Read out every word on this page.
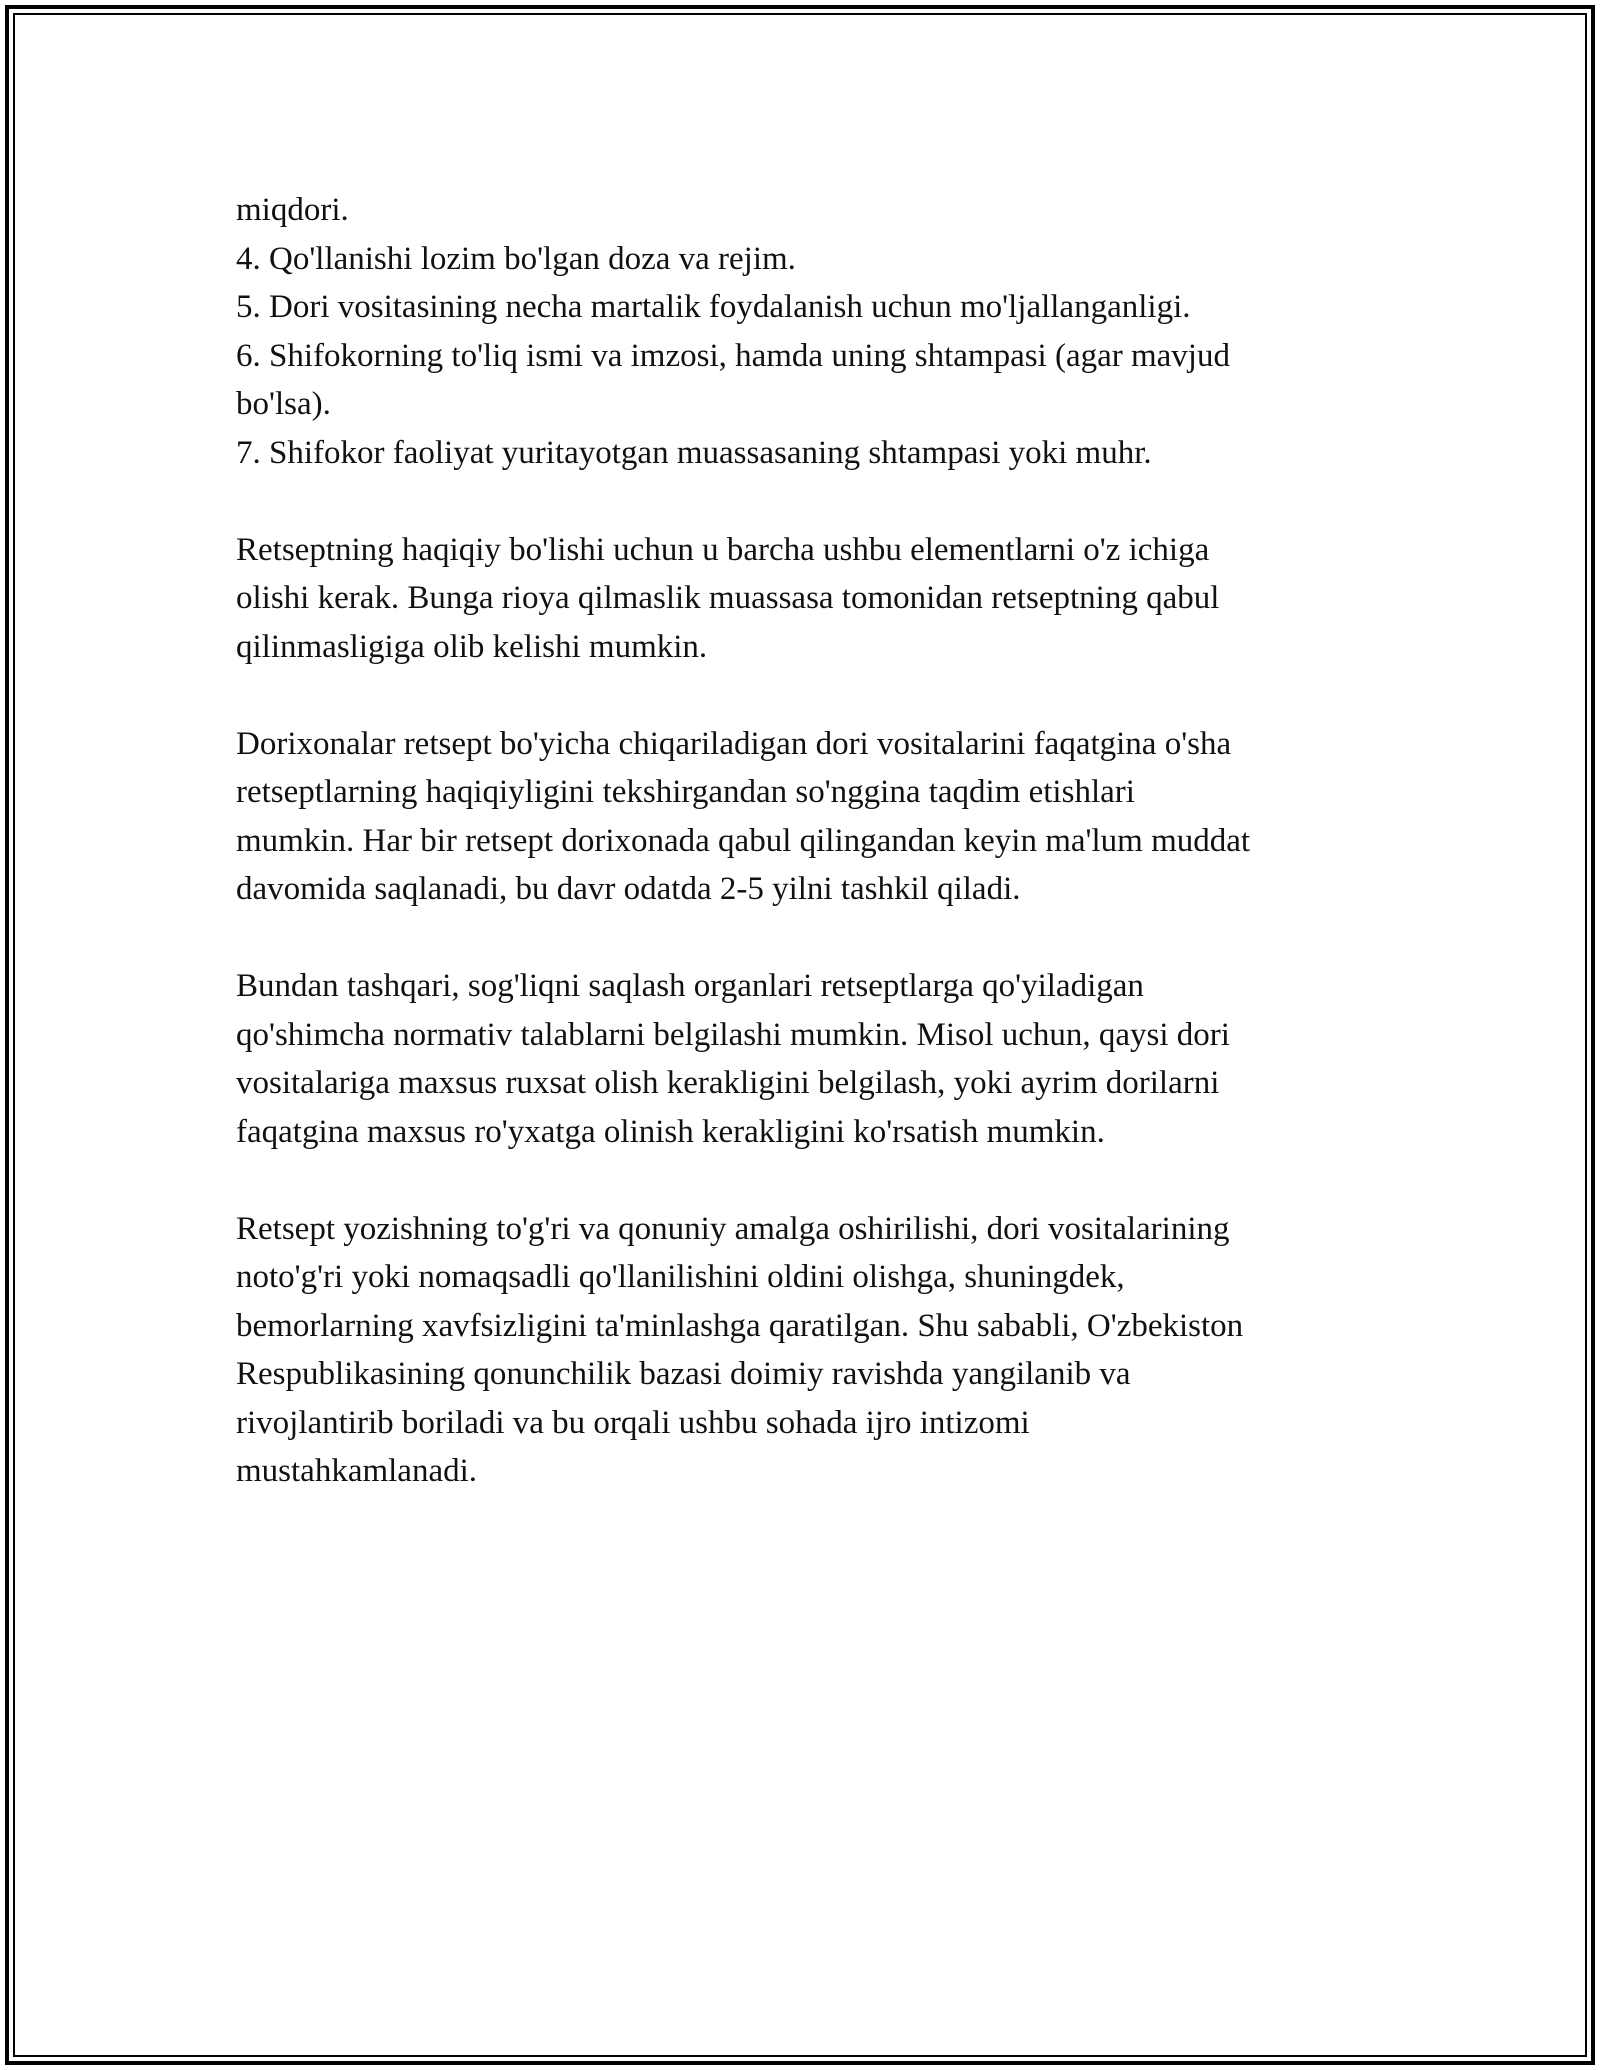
miqdori.
4. Qo'llanishi lozim bo'lgan doza va rejim.
5. Dori vositasining necha martalik foydalanish uchun mo'ljallanganligi.
6. Shifokorning to'liq ismi va imzosi, hamda uning shtampasi (agar mavjud
bo'lsa).
7. Shifokor faoliyat yuritayotgan muassasaning shtampasi yoki muhr.
Retseptning haqiqiy bo'lishi uchun u barcha ushbu elementlarni o'z ichiga
olishi kerak. Bunga rioya qilmaslik muassasa tomonidan retseptning qabul
qilinmasligiga olib kelishi mumkin.
Dorixonalar retsept bo'yicha chiqariladigan dori vositalarini faqatgina o'sha
retseptlarning haqiqiyligini tekshirgandan so'nggina taqdim etishlari
mumkin. Har bir retsept dorixonada qabul qilingandan keyin ma'lum muddat
davomida saqlanadi, bu davr odatda 2-5 yilni tashkil qiladi.
Bundan tashqari, sog'liqni saqlash organlari retseptlarga qo'yiladigan
qo'shimcha normativ talablarni belgilashi mumkin. Misol uchun, qaysi dori
vositalariga maxsus ruxsat olish kerakligini belgilash, yoki ayrim dorilarni
faqatgina maxsus ro'yxatga olinish kerakligini ko'rsatish mumkin.
Retsept yozishning to'g'ri va qonuniy amalga oshirilishi, dori vositalarining
noto'g'ri yoki nomaqsadli qo'llanilishini oldini olishga, shuningdek,
bemorlarning xavfsizligini ta'minlashga qaratilgan. Shu sababli, O'zbekiston
Respublikasining qonunchilik bazasi doimiy ravishda yangilanib va
rivojlantirib boriladi va bu orqali ushbu sohada ijro intizomi
mustahkamlanadi.
